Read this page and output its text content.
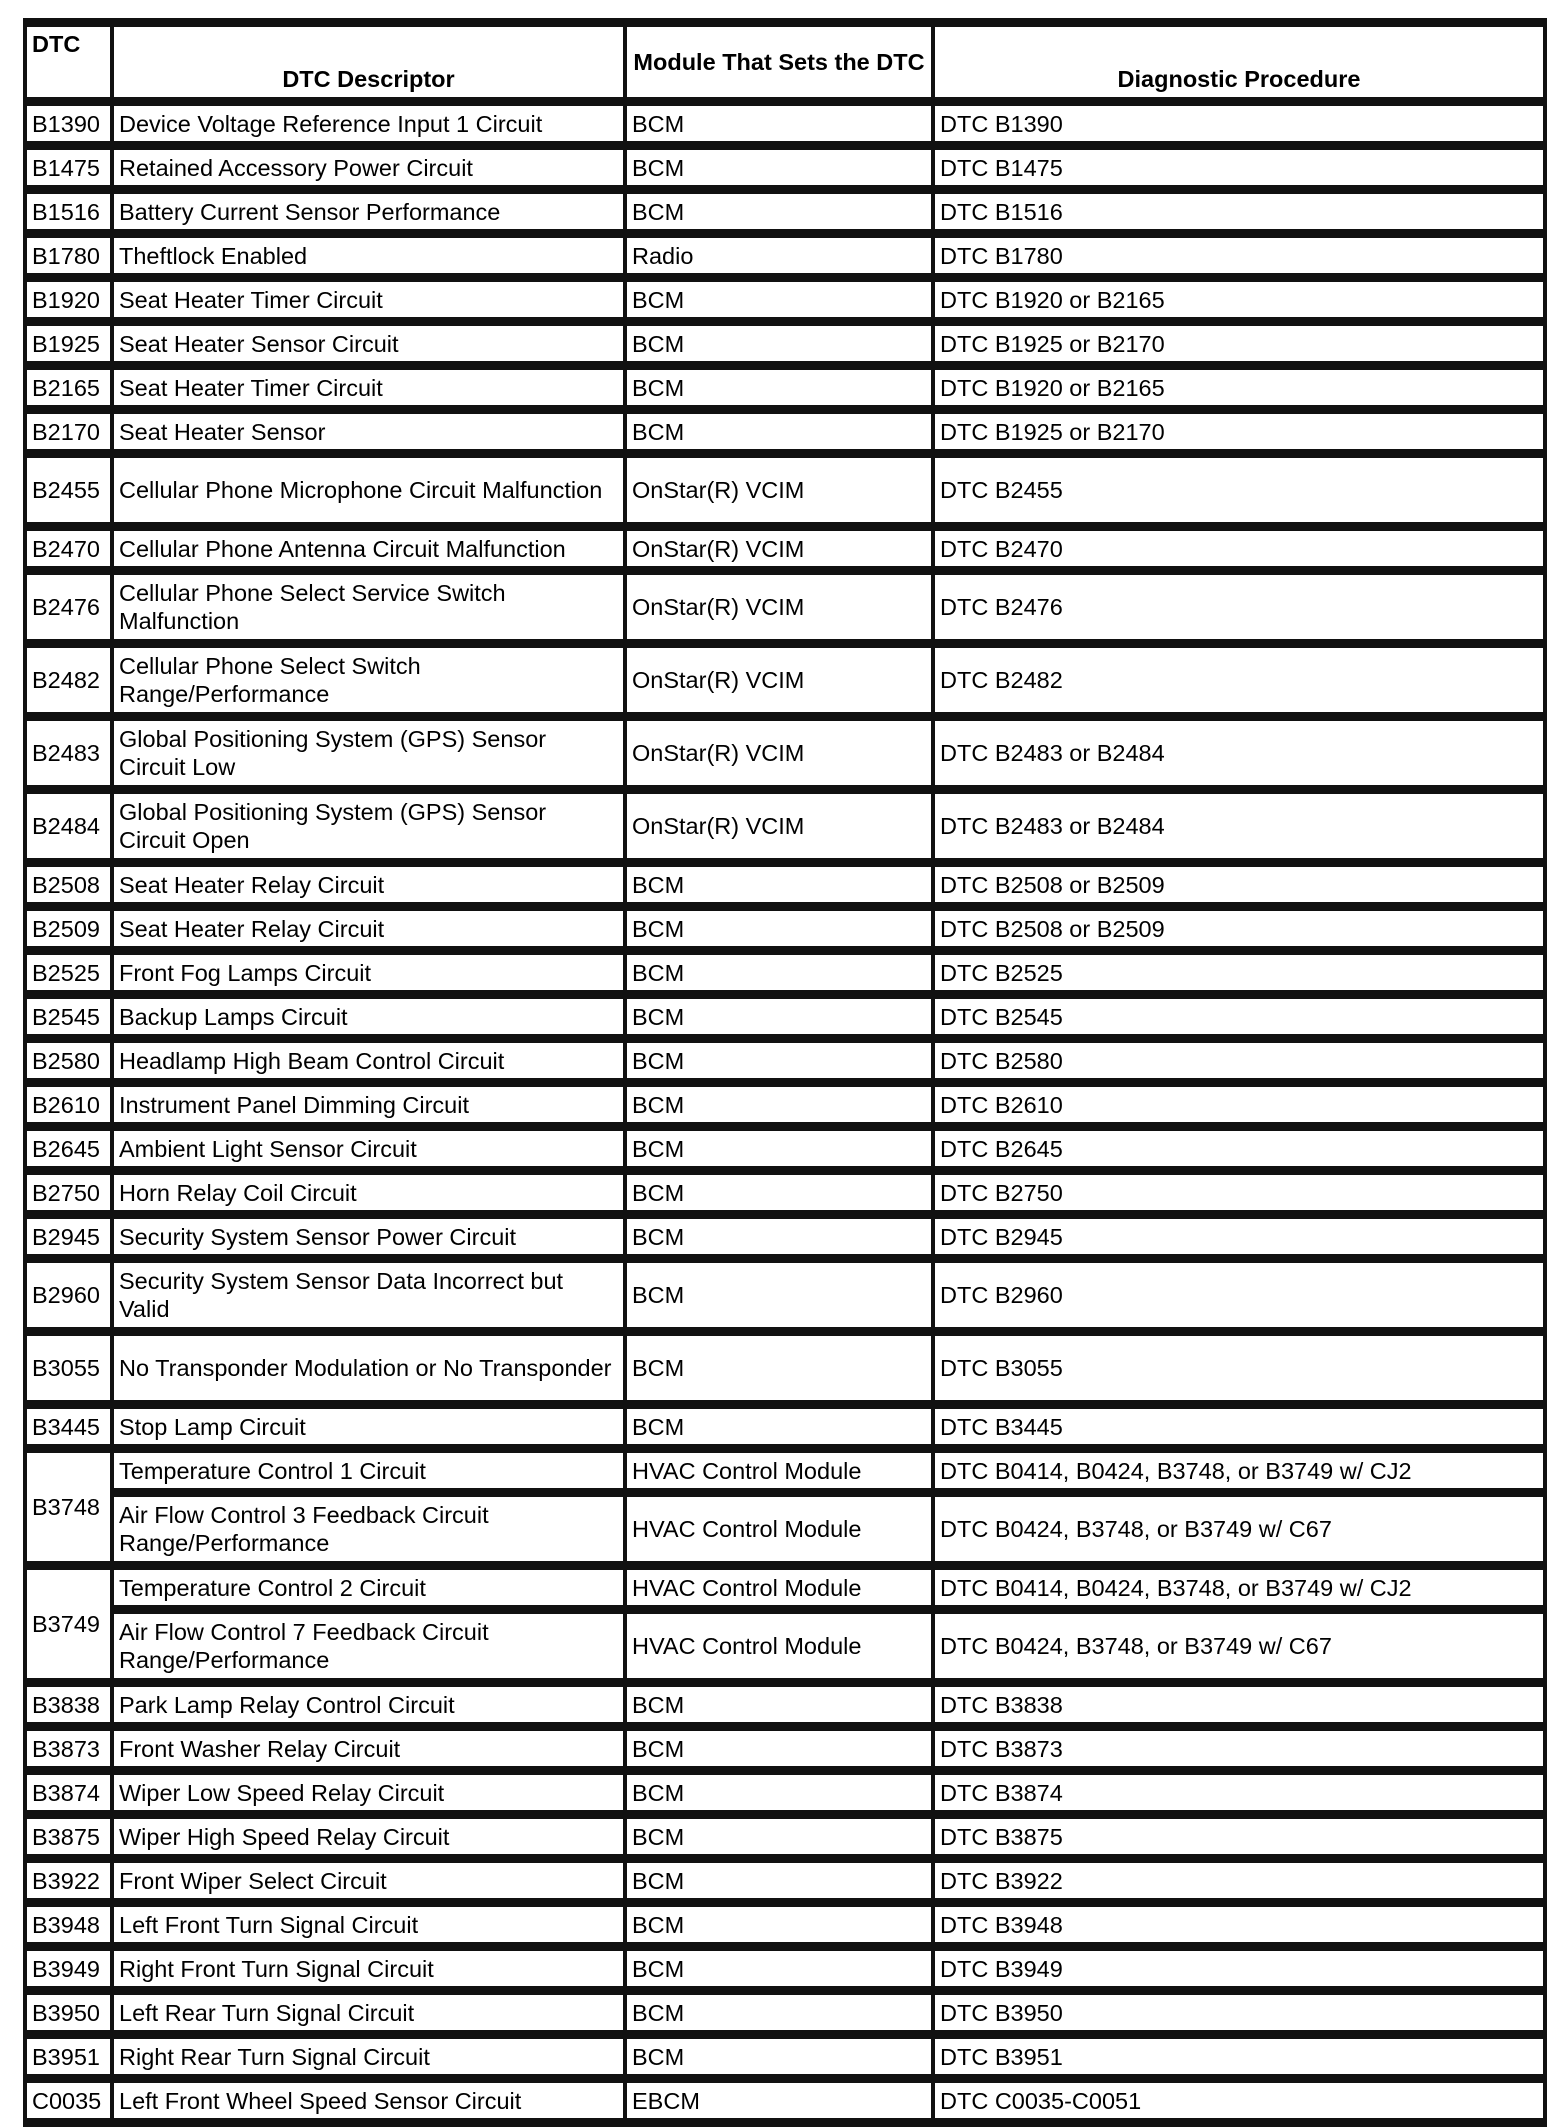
DTC	DTC Descriptor	Module That Sets the DTC	Diagnostic Procedure
B1390	Device Voltage Reference Input 1 Circuit	BCM	DTC B1390
B1475	Retained Accessory Power Circuit	BCM	DTC B1475
B1516	Battery Current Sensor Performance	BCM	DTC B1516
B1780	Theftlock Enabled	Radio	DTC B1780
B1920	Seat Heater Timer Circuit	BCM	DTC B1920 or B2165
B1925	Seat Heater Sensor Circuit	BCM	DTC B1925 or B2170
B2165	Seat Heater Timer Circuit	BCM	DTC B1920 or B2165
B2170	Seat Heater Sensor	BCM	DTC B1925 or B2170
B2455	Cellular Phone Microphone Circuit Malfunction	OnStar(R) VCIM	DTC B2455
B2470	Cellular Phone Antenna Circuit Malfunction	OnStar(R) VCIM	DTC B2470
B2476	Cellular Phone Select Service Switch Malfunction	OnStar(R) VCIM	DTC B2476
B2482	Cellular Phone Select Switch Range/Performance	OnStar(R) VCIM	DTC B2482
B2483	Global Positioning System (GPS) Sensor Circuit Low	OnStar(R) VCIM	DTC B2483 or B2484
B2484	Global Positioning System (GPS) Sensor Circuit Open	OnStar(R) VCIM	DTC B2483 or B2484
B2508	Seat Heater Relay Circuit	BCM	DTC B2508 or B2509
B2509	Seat Heater Relay Circuit	BCM	DTC B2508 or B2509
B2525	Front Fog Lamps Circuit	BCM	DTC B2525
B2545	Backup Lamps Circuit	BCM	DTC B2545
B2580	Headlamp High Beam Control Circuit	BCM	DTC B2580
B2610	Instrument Panel Dimming Circuit	BCM	DTC B2610
B2645	Ambient Light Sensor Circuit	BCM	DTC B2645
B2750	Horn Relay Coil Circuit	BCM	DTC B2750
B2945	Security System Sensor Power Circuit	BCM	DTC B2945
B2960	Security System Sensor Data Incorrect but Valid	BCM	DTC B2960
B3055	No Transponder Modulation or No Transponder	BCM	DTC B3055
B3445	Stop Lamp Circuit	BCM	DTC B3445
B3748	Temperature Control 1 Circuit	HVAC Control Module	DTC B0414, B0424, B3748, or B3749 w/ CJ2
	Air Flow Control 3 Feedback Circuit Range/Performance	HVAC Control Module	DTC B0424, B3748, or B3749 w/ C67
B3749	Temperature Control 2 Circuit	HVAC Control Module	DTC B0414, B0424, B3748, or B3749 w/ CJ2
	Air Flow Control 7 Feedback Circuit Range/Performance	HVAC Control Module	DTC B0424, B3748, or B3749 w/ C67
B3838	Park Lamp Relay Control Circuit	BCM	DTC B3838
B3873	Front Washer Relay Circuit	BCM	DTC B3873
B3874	Wiper Low Speed Relay Circuit	BCM	DTC B3874
B3875	Wiper High Speed Relay Circuit	BCM	DTC B3875
B3922	Front Wiper Select Circuit	BCM	DTC B3922
B3948	Left Front Turn Signal Circuit	BCM	DTC B3948
B3949	Right Front Turn Signal Circuit	BCM	DTC B3949
B3950	Left Rear Turn Signal Circuit	BCM	DTC B3950
B3951	Right Rear Turn Signal Circuit	BCM	DTC B3951
C0035	Left Front Wheel Speed Sensor Circuit	EBCM	DTC C0035-C0051
